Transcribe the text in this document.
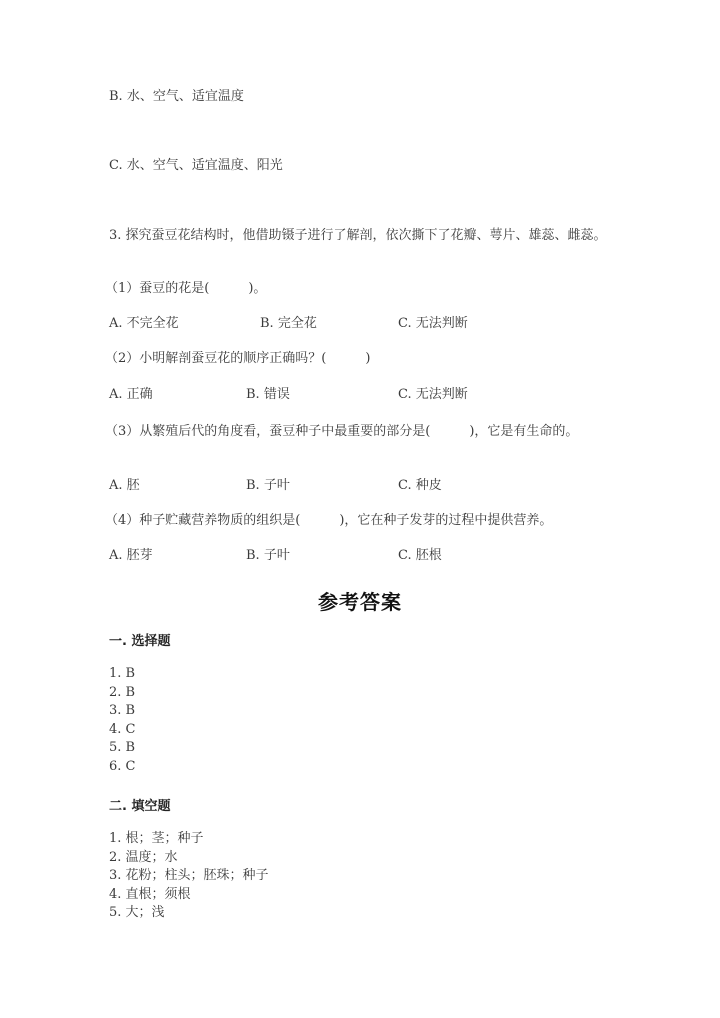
B. 水、空气、适宜温度
C. 水、空气、适宜温度、阳光
3. 探究蚕豆花结构时，他借助镊子进行了解剖，依次撕下了花瓣、萼片、雄蕊、雌蕊。
（1）蚕豆的花是(　　　)。
A. 不完全花	B. 完全花	C. 无法判断
（2）小明解剖蚕豆花的顺序正确吗？(　　　)
A. 正确	B. 错误	C. 无法判断
（3）从繁殖后代的角度看，蚕豆种子中最重要的部分是(　　　)，它是有生命的。
A. 胚	B. 子叶	C. 种皮
（4）种子贮藏营养物质的组织是(　　　)，它在种子发芽的过程中提供营养。
A. 胚芽	B. 子叶	C. 胚根
参考答案
一. 选择题
1. B
2. B
3. B
4. C
5. B
6. C
二. 填空题
1. 根；茎；种子
2. 温度；水
3. 花粉；柱头；胚珠；种子
4. 直根；须根
5. 大；浅
